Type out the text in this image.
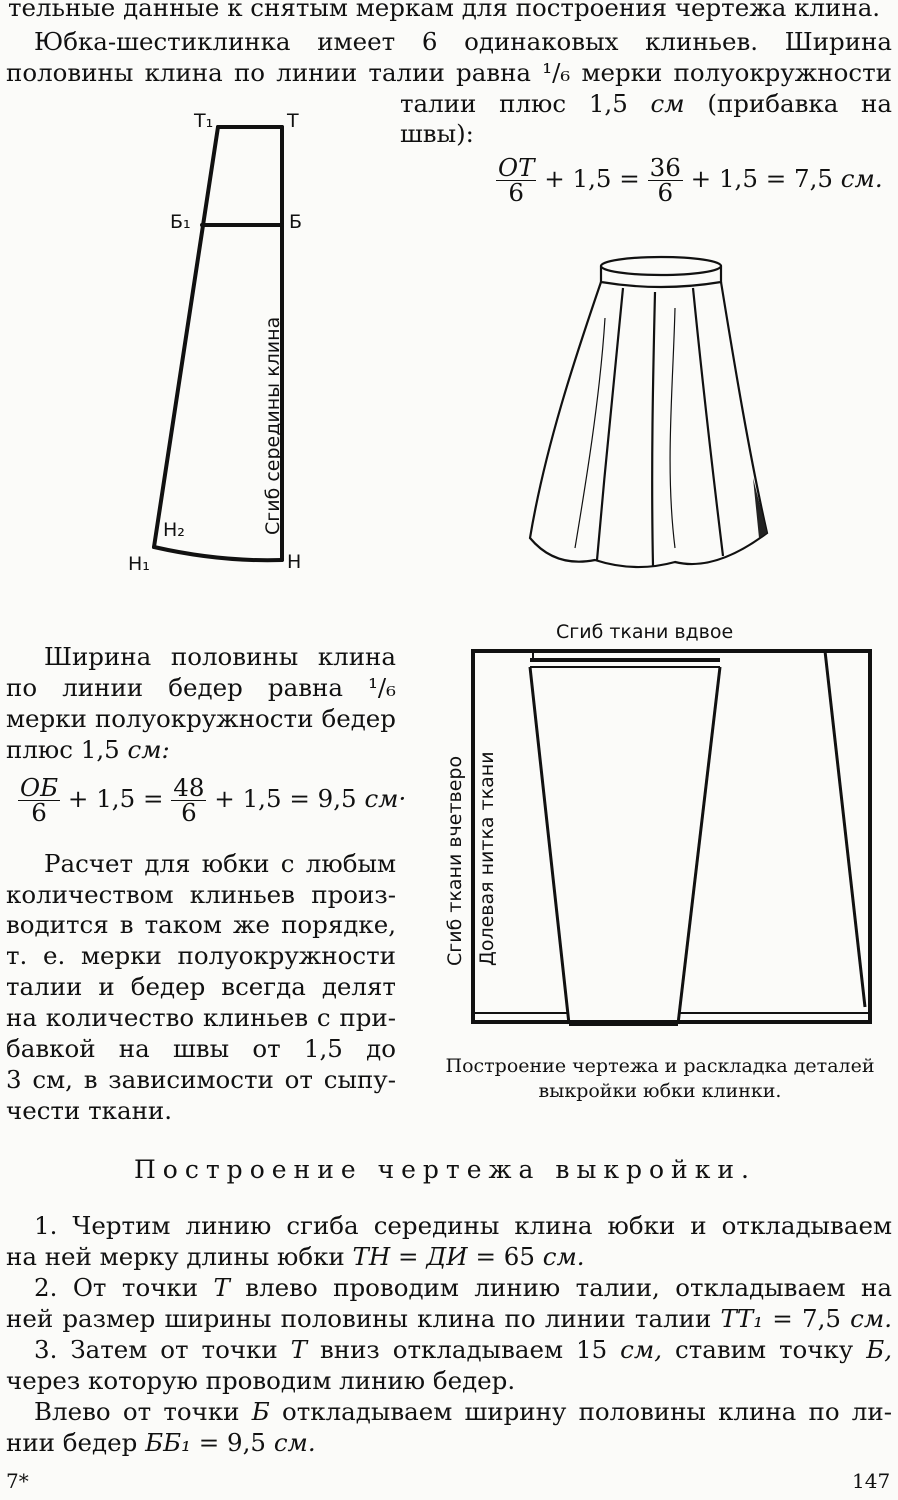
тельные данные к снятым меркам для построения чертежа клина.
Юбка-шестиклинка имеет 6 одинаковых клиньев. Ширина
половины клина по линии талии равна ¹/₆ мерки полуокружности
талии плюс 1,5 см (прибавка на
швы):
$\frac{ОТ}{6} + 1,5 = \frac{36}{6} + 1,5 = 7,5$ см.
Т₁	Т
Б₁	Б
Н₂
Н₁	Н
Сгиб середины клина
Ширина половины клина
по линии бедер равна ¹/₆
мерки полуокружности бедер
плюс 1,5 см:
$\frac{ОБ}{6} + 1,5 = \frac{48}{6} + 1,5 = 9,5$ см·
Расчет для юбки с любым
количеством клиньев произ-
водится в таком же порядке,
т. е. мерки полуокружности
талии и бедер всегда делят
на количество клиньев с при-
бавкой на швы от 1,5 до
3 см, в зависимости от сыпу-
чести ткани.
Сгиб ткани вдвое
Сгиб ткани вчетверо Долевая нитка ткани
Построение чертежа и раскладка деталей
выкройки юбки клинки.
Построение чертежа выкройки.
1. Чертим линию сгиба середины клина юбки и откладываем
на ней мерку длины юбки ТН = ДИ = 65 см.
2. От точки Т влево проводим линию талии, откладываем на
ней размер ширины половины клина по линии талии ТТ₁ = 7,5 см.
3. Затем от точки Т вниз откладываем 15 см, ставим точку Б,
через которую проводим линию бедер.
Влево от точки Б откладываем ширину половины клина по ли-
нии бедер ББ₁ = 9,5 см.
7*	147
